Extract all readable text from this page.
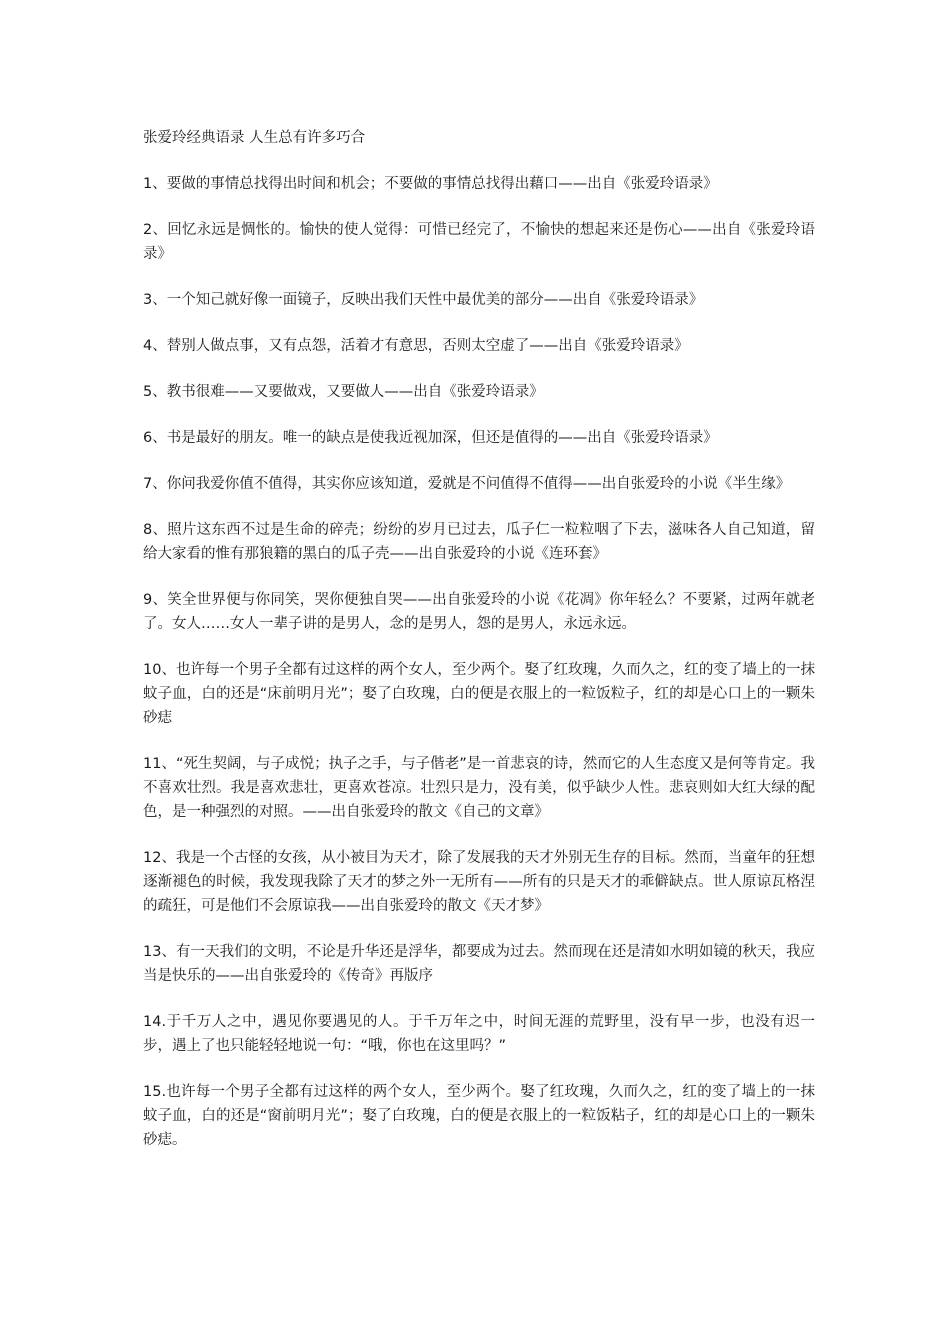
张爱玲经典语录 人生总有许多巧合

1、要做的事情总找得出时间和机会；不要做的事情总找得出藉口——出自《张爱玲语录》

2、回忆永远是惆怅的。愉快的使人觉得：可惜已经完了，不愉快的想起来还是伤心——出自《张爱玲语录》

3、一个知己就好像一面镜子，反映出我们天性中最优美的部分——出自《张爱玲语录》

4、替别人做点事，又有点怨，活着才有意思，否则太空虚了——出自《张爱玲语录》

5、教书很难——又要做戏，又要做人——出自《张爱玲语录》

6、书是最好的朋友。唯一的缺点是使我近视加深，但还是值得的——出自《张爱玲语录》

7、你问我爱你值不值得，其实你应该知道，爱就是不问值得不值得——出自张爱玲的小说《半生缘》

8、照片这东西不过是生命的碎壳；纷纷的岁月已过去，瓜子仁一粒粒咽了下去，滋味各人自己知道，留给大家看的惟有那狼籍的黑白的瓜子壳——出自张爱玲的小说《连环套》

9、笑全世界便与你同笑，哭你便独自哭——出自张爱玲的小说《花凋》你年轻么？不要紧，过两年就老了。女人……女人一辈子讲的是男人，念的是男人，怨的是男人，永远永远。

10、也许每一个男子全都有过这样的两个女人，至少两个。娶了红玫瑰，久而久之，红的变了墙上的一抹蚊子血，白的还是“床前明月光”；娶了白玫瑰，白的便是衣服上的一粒饭粒子，红的却是心口上的一颗朱砂痣

11、“死生契阔，与子成悦；执子之手，与子偕老”是一首悲哀的诗，然而它的人生态度又是何等肯定。我不喜欢壮烈。我是喜欢悲壮，更喜欢苍凉。壮烈只是力，没有美，似乎缺少人性。悲哀则如大红大绿的配色，是一种强烈的对照。——出自张爱玲的散文《自己的文章》

12、我是一个古怪的女孩，从小被目为天才，除了发展我的天才外别无生存的目标。然而，当童年的狂想逐渐褪色的时候，我发现我除了天才的梦之外一无所有——所有的只是天才的乖僻缺点。世人原谅瓦格涅的疏狂，可是他们不会原谅我——出自张爱玲的散文《天才梦》

13、有一天我们的文明，不论是升华还是浮华，都要成为过去。然而现在还是清如水明如镜的秋天，我应当是快乐的——出自张爱玲的《传奇》再版序

14.于千万人之中，遇见你要遇见的人。于千万年之中，时间无涯的荒野里，没有早一步，也没有迟一步，遇上了也只能轻轻地说一句：“哦，你也在这里吗？”

15.也许每一个男子全都有过这样的两个女人，至少两个。娶了红玫瑰，久而久之，红的变了墙上的一抹蚊子血，白的还是“窗前明月光”；娶了白玫瑰，白的便是衣服上的一粒饭粘子，红的却是心口上的一颗朱砂痣。
